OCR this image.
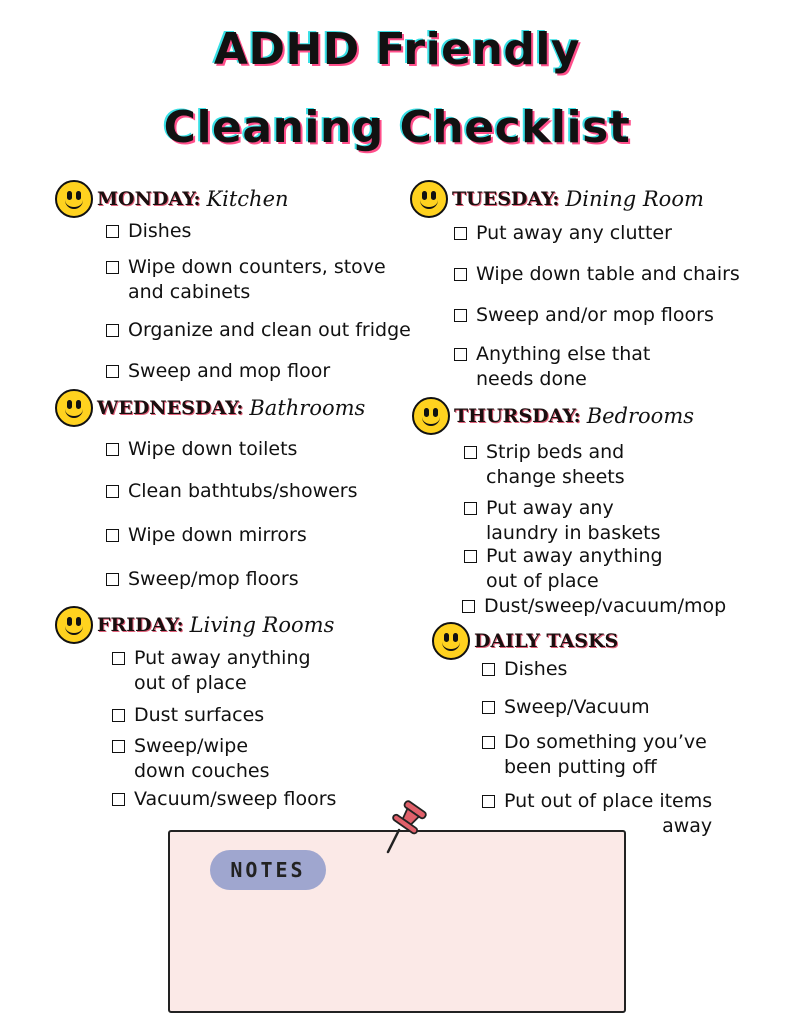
ADHD Friendly
Cleaning Checklist
MONDAY: Kitchen
Dishes
Wipe down counters, stove
and cabinets
Organize and clean out fridge
Sweep and mop floor
TUESDAY: Dining Room
Put away any clutter
Wipe down table and chairs
Sweep and/or mop floors
Anything else that
needs done
WEDNESDAY: Bathrooms
Wipe down toilets
Clean bathtubs/showers
Wipe down mirrors
Sweep/mop floors
THURSDAY: Bedrooms
Strip beds and
change sheets
Put away any
laundry in baskets
Put away anything
out of place
Dust/sweep/vacuum/mop
FRIDAY: Living Rooms
Put away anything
out of place
Dust surfaces
Sweep/wipe
down couches
Vacuum/sweep floors
DAILY TASKS
Dishes
Sweep/Vacuum
Do something you’ve
been putting off
Put out of place items
away
NOTES
